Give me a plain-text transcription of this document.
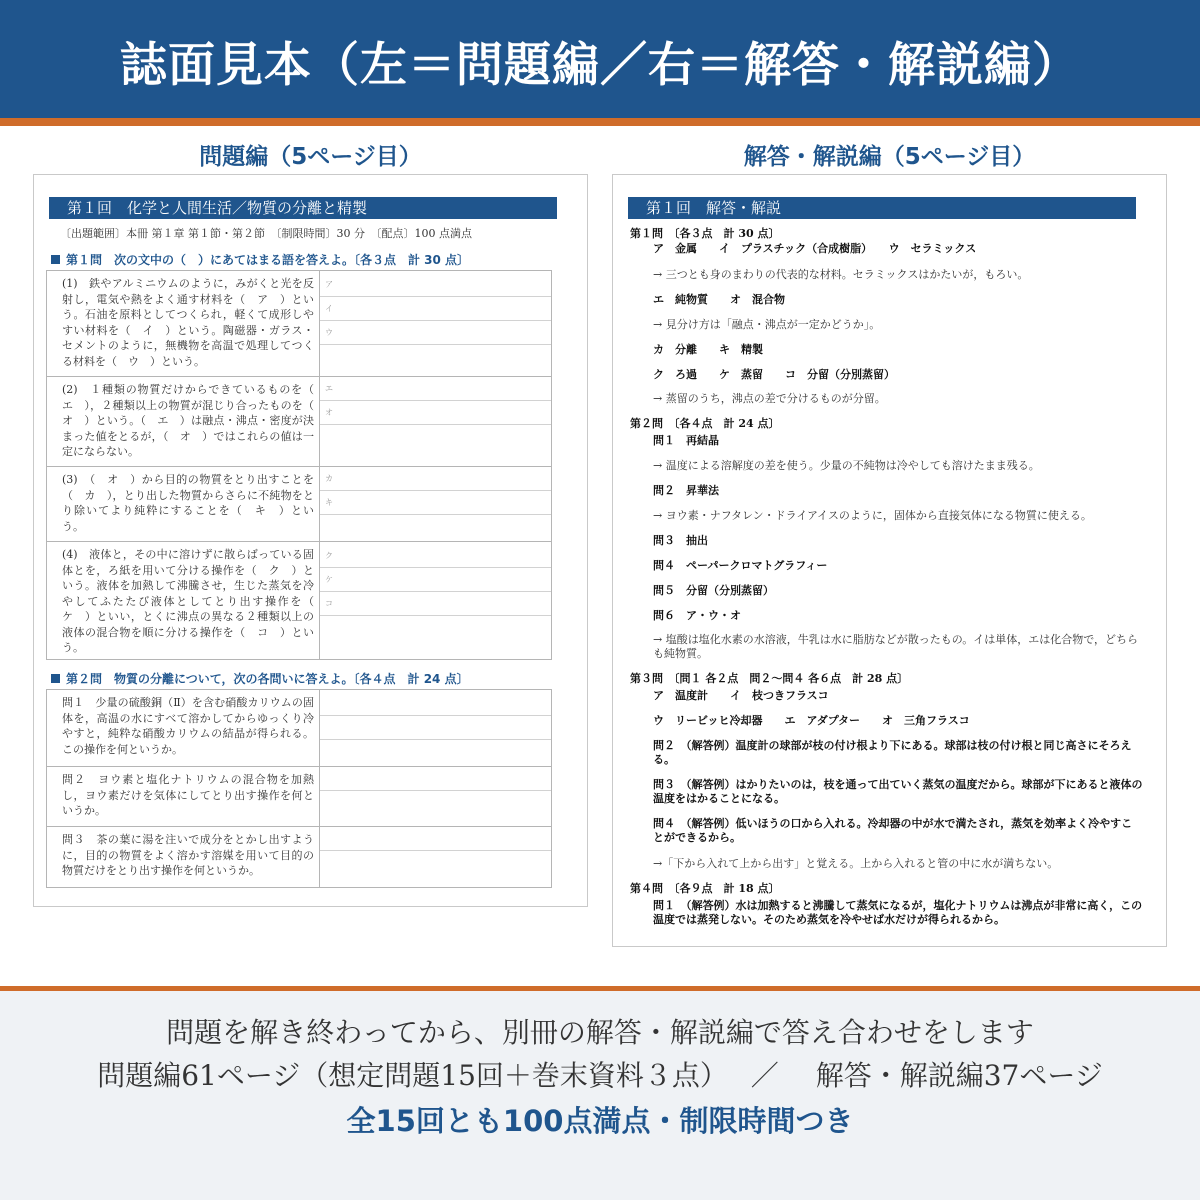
誌面見本（左＝問題編／右＝解答・解説編）
問題編（5ページ目）	解答・解説編（5ページ目）
第１回　化学と人間生活／物質の分離と精製
〔出題範囲〕本冊 第１章 第１節・第２節　〔制限時間〕30 分　〔配点〕100 点満点
第１問　次の文中の（　）にあてはまる語を答えよ。〔各３点　計 30 点〕
(1)　鉄やアルミニウムのように，みがくと光を反射し，電気や熱をよく通す材料を（　ア　）という。石油を原料としてつくられ，軽くて成形しやすい材料を（　イ　）という。陶磁器・ガラス・セメントのように，無機物を高温で処理してつくる材料を（　ウ　）という。
ア
イ
ウ
(2)　１種類の物質だけからできているものを（　エ　），２種類以上の物質が混じり合ったものを（　オ　）という。（　エ　）は融点・沸点・密度が決まった値をとるが，（　オ　）ではこれらの値は一定にならない。
エ
オ
(3)　（　オ　）から目的の物質をとり出すことを（　カ　），とり出した物質からさらに不純物をとり除いてより純粋にすることを（　キ　）という。
カ
キ
(4)　液体と，その中に溶けずに散らばっている固体とを，ろ紙を用いて分ける操作を（　ク　）という。液体を加熱して沸騰させ，生じた蒸気を冷やしてふたたび液体としてとり出す操作を（　ケ　）といい，とくに沸点の異なる２種類以上の液体の混合物を順に分ける操作を（　コ　）という。
ク
ケ
コ
第２問　物質の分離について，次の各問いに答えよ。〔各４点　計 24 点〕
問１　少量の硫酸銅（Ⅱ）を含む硝酸カリウムの固体を，高温の水にすべて溶かしてからゆっくり冷やすと，純粋な硝酸カリウムの結晶が得られる。この操作を何というか。
問２　ヨウ素と塩化ナトリウムの混合物を加熱し，ヨウ素だけを気体にしてとり出す操作を何というか。
問３　茶の葉に湯を注いで成分をとかし出すように，目的の物質をよく溶かす溶媒を用いて目的の物質だけをとり出す操作を何というか。
第１回　解答・解説
第１問　〔各３点　計 30 点〕
ア　金属　　イ　プラスチック（合成樹脂）　　ウ　セラミックス
→ 三つとも身のまわりの代表的な材料。セラミックスはかたいが，もろい。
エ　純物質　　オ　混合物
→ 見分け方は「融点・沸点が一定かどうか」。
カ　分離　　キ　精製
ク　ろ過　　ケ　蒸留　　コ　分留（分別蒸留）
→ 蒸留のうち，沸点の差で分けるものが分留。
第２問　〔各４点　計 24 点〕
問１　再結晶
→ 温度による溶解度の差を使う。少量の不純物は冷やしても溶けたまま残る。
問２　昇華法
→ ヨウ素・ナフタレン・ドライアイスのように，固体から直接気体になる物質に使える。
問３　抽出
問４　ペーパークロマトグラフィー
問５　分留（分別蒸留）
問６　ア・ウ・オ
→ 塩酸は塩化水素の水溶液，牛乳は水に脂肪などが散ったもの。イは単体，エは化合物で，どちらも純物質。
第３問　〔問１ 各２点　問２〜問４ 各６点　計 28 点〕
ア　温度計　　イ　枝つきフラスコ
ウ　リービッヒ冷却器　　エ　アダプター　　オ　三角フラスコ
問２　（解答例）温度計の球部が枝の付け根より下にある。球部は枝の付け根と同じ高さにそろえる。
問３　（解答例）はかりたいのは，枝を通って出ていく蒸気の温度だから。球部が下にあると液体の温度をはかることになる。
問４　（解答例）低いほうの口から入れる。冷却器の中が水で満たされ，蒸気を効率よく冷やすことができるから。
→「下から入れて上から出す」と覚える。上から入れると管の中に水が満ちない。
第４問　〔各９点　計 18 点〕
問１　（解答例）水は加熱すると沸騰して蒸気になるが，塩化ナトリウムは沸点が非常に高く，この温度では蒸発しない。そのため蒸気を冷やせば水だけが得られるから。
問題を解き終わってから、別冊の解答・解説編で答え合わせをします
問題編61ページ（想定問題15回＋巻末資料３点）　 ／　 解答・解説編37ページ
全15回とも100点満点・制限時間つき
